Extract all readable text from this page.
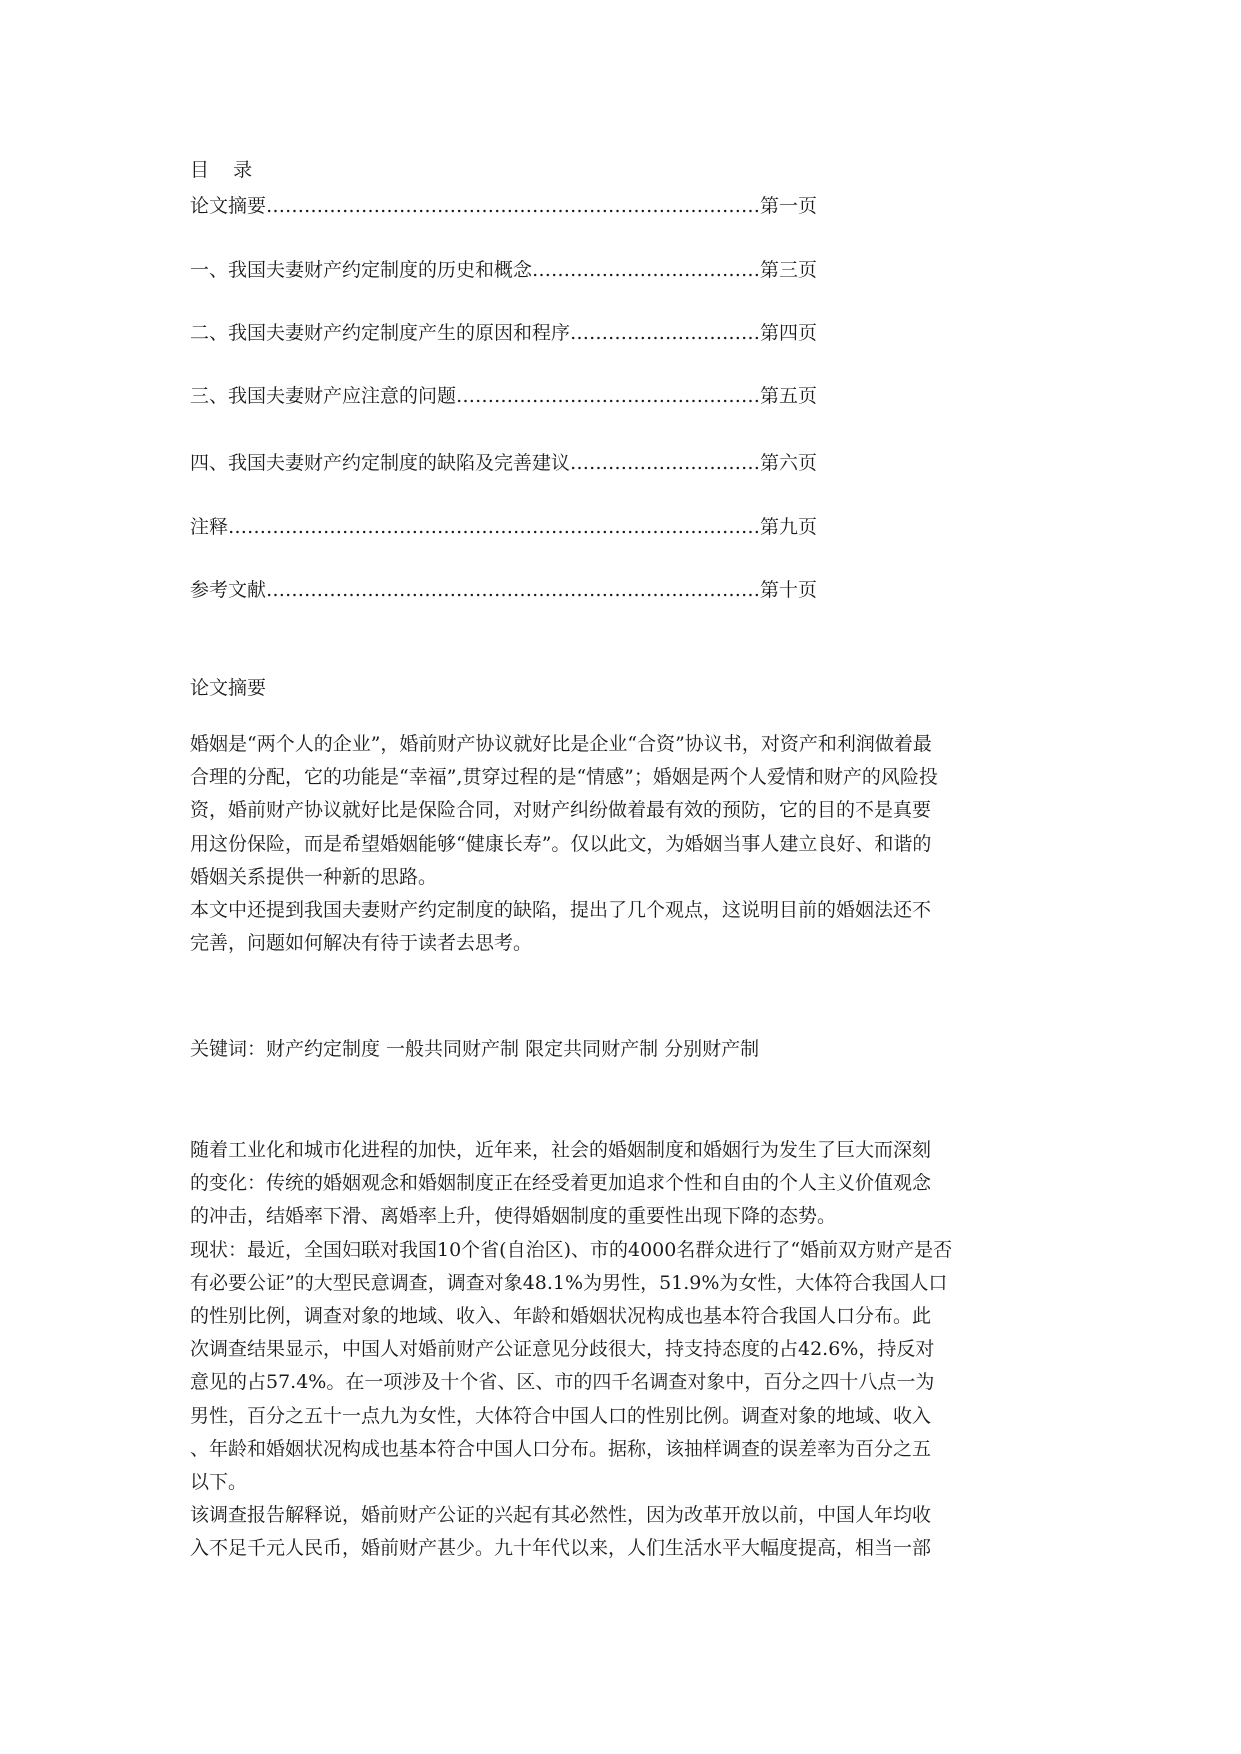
目    录
论文摘要……………………………………………………………………第一页
一、我国夫妻财产约定制度的历史和概念………………………………第三页
二、我国夫妻财产约定制度产生的原因和程序…………………………第四页
三、我国夫妻财产应注意的问题…………………………………………第五页
四、我国夫妻财产约定制度的缺陷及完善建议…………………………第六页
注释…………………………………………………………………………第九页
参考文献……………………………………………………………………第十页
论文摘要
婚姻是“两个人的企业”，婚前财产协议就好比是企业“合资”协议书，对资产和利润做着最
合理的分配，它的功能是“幸福”,贯穿过程的是“情感”；婚姻是两个人爱情和财产的风险投
资，婚前财产协议就好比是保险合同，对财产纠纷做着最有效的预防，它的目的不是真要
用这份保险，而是希望婚姻能够“健康长寿”。仅以此文，为婚姻当事人建立良好、和谐的
婚姻关系提供一种新的思路。
本文中还提到我国夫妻财产约定制度的缺陷，提出了几个观点，这说明目前的婚姻法还不
完善，问题如何解决有待于读者去思考。
关键词：财产约定制度 一般共同财产制 限定共同财产制 分别财产制
随着工业化和城市化进程的加快，近年来，社会的婚姻制度和婚姻行为发生了巨大而深刻
的变化：传统的婚姻观念和婚姻制度正在经受着更加追求个性和自由的个人主义价值观念
的冲击，结婚率下滑、离婚率上升，使得婚姻制度的重要性出现下降的态势。
现状：最近，全国妇联对我国10个省(自治区)、市的4000名群众进行了“婚前双方财产是否
有必要公证”的大型民意调查，调查对象48.1%为男性，51.9%为女性，大体符合我国人口
的性别比例，调查对象的地域、收入、年龄和婚姻状况构成也基本符合我国人口分布。此
次调查结果显示，中国人对婚前财产公证意见分歧很大，持支持态度的占42.6%，持反对
意见的占57.4%。在一项涉及十个省、区、市的四千名调查对象中，百分之四十八点一为
男性，百分之五十一点九为女性，大体符合中国人口的性别比例。调查对象的地域、收入
、年龄和婚姻状况构成也基本符合中国人口分布。据称，该抽样调查的误差率为百分之五
以下。
该调查报告解释说，婚前财产公证的兴起有其必然性，因为改革开放以前，中国人年均收
入不足千元人民币，婚前财产甚少。九十年代以来，人们生活水平大幅度提高，相当一部
